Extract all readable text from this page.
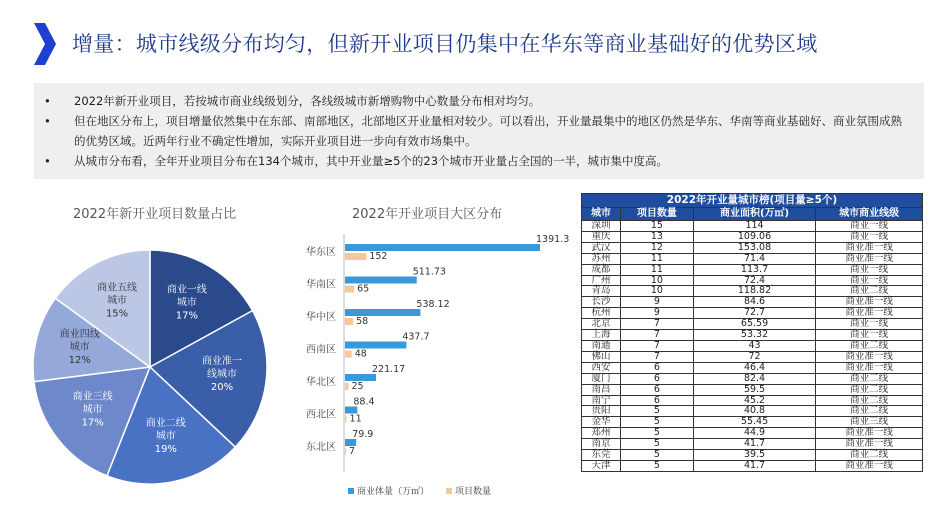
增量：城市线级分布均匀，但新开业项目仍集中在华东等商业基础好的优势区域
• 2022年新开业项目，若按城市商业线级划分，各线级城市新增购物中心数量分布相对均匀。
• 但在地区分布上，项目增量依然集中在东部、南部地区，北部地区开业量相对较少。可以看出，开业量最集中的地区仍然是华东、华南等商业基础好、商业氛围成熟的优势区域。近两年行业不确定性增加，实际开业项目进一步向有效市场集中。
• 从城市分布看，全年开业项目分布在134个城市，其中开业量≥5个的23个城市开业量占全国的一半，城市集中度高。
2022年新开业项目数量占比
商业一线城市 17%
商业准一线城市 20%
商业二线城市 19%
商业三线城市 17%
商业四线城市 12%
商业五线城市 15%
2022年开业项目大区分布
华东区
1391.3
152
华南区
511.73
65
华中区
538.12
58
西南区
437.7
48
华北区
221.17
25
西北区
88.4
11
东北区
79.9
7
商业体量（万㎡）	项目数量
2022年开业量城市榜(项目量≥5个)			
城市	项目数量	商业面积(万㎡)	城市商业线级
深圳	15	114	商业一线
重庆	13	109.06	商业一线
武汉	12	153.08	商业准一线
苏州	11	71.4	商业准一线
成都	11	113.7	商业一线
广州	10	72.4	商业一线
青岛	10	118.82	商业二线
长沙	9	84.6	商业准一线
杭州	9	72.7	商业准一线
北京	7	65.59	商业一线
上海	7	53.32	商业一线
南通	7	43	商业二线
佛山	7	72	商业准一线
西安	6	46.4	商业准一线
厦门	6	82.4	商业二线
南昌	6	59.5	商业二线
南宁	6	45.2	商业二线
贵阳	5	40.8	商业二线
金华	5	55.45	商业三线
郑州	5	44.9	商业准一线
南京	5	41.7	商业准一线
东莞	5	39.5	商业二线
天津	5	41.7	商业准一线
